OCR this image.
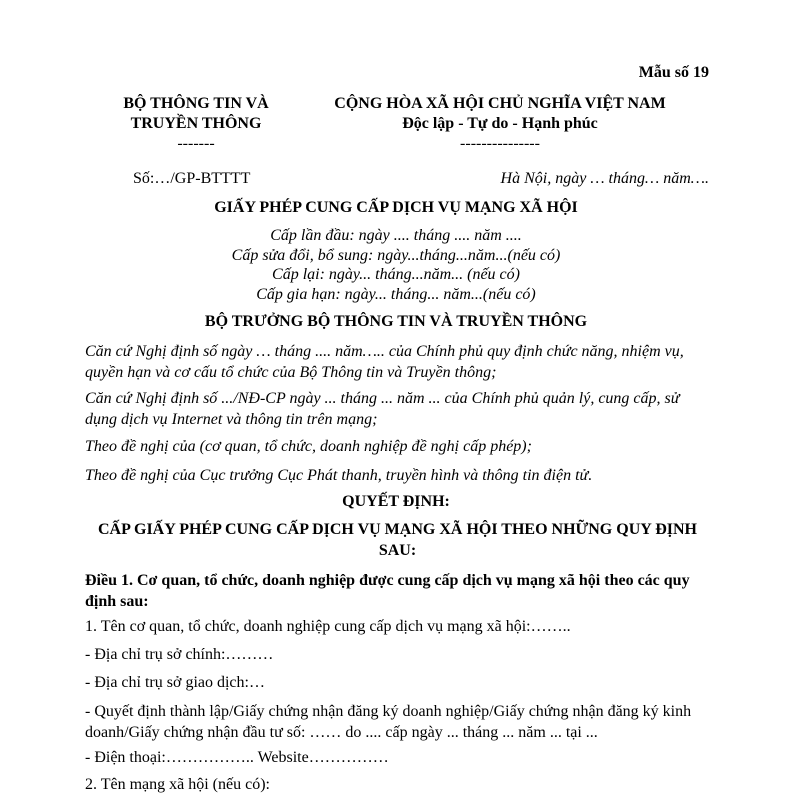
Mẫu số 19
BỘ THÔNG TIN VÀ
TRUYỀN THÔNG
-------
CỘNG HÒA XÃ HỘI CHỦ NGHĨA VIỆT NAM
Độc lập - Tự do - Hạnh phúc
---------------
Số:…/GP-BTTTT	Hà Nội, ngày … tháng… năm….
GIẤY PHÉP CUNG CẤP DỊCH VỤ MẠNG XÃ HỘI
Cấp lần đầu: ngày .... tháng .... năm ....
Cấp sửa đổi, bổ sung: ngày...tháng...năm...(nếu có)
Cấp lại: ngày... tháng...năm... (nếu có)
Cấp gia hạn: ngày... tháng... năm...(nếu có)
BỘ TRƯỞNG BỘ THÔNG TIN VÀ TRUYỀN THÔNG
Căn cứ Nghị định số ngày … tháng .... năm….. của Chính phủ quy định chức năng, nhiệm vụ, quyền hạn và cơ cấu tổ chức của Bộ Thông tin và Truyền thông;
Căn cứ Nghị định số .../NĐ-CP ngày ... tháng ... năm ... của Chính phủ quản lý, cung cấp, sử dụng dịch vụ Internet và thông tin trên mạng;
Theo đề nghị của (cơ quan, tổ chức, doanh nghiệp đề nghị cấp phép);
Theo đề nghị của Cục trưởng Cục Phát thanh, truyền hình và thông tin điện tử.
QUYẾT ĐỊNH:
CẤP GIẤY PHÉP CUNG CẤP DỊCH VỤ MẠNG XÃ HỘI THEO NHỮNG QUY ĐỊNH SAU:
Điều 1. Cơ quan, tổ chức, doanh nghiệp được cung cấp dịch vụ mạng xã hội theo các quy định sau:
1. Tên cơ quan, tổ chức, doanh nghiệp cung cấp dịch vụ mạng xã hội:……..
- Địa chỉ trụ sở chính:………
- Địa chỉ trụ sở giao dịch:…
- Quyết định thành lập/Giấy chứng nhận đăng ký doanh nghiệp/Giấy chứng nhận đăng ký kinh doanh/Giấy chứng nhận đầu tư số: …… do .... cấp ngày ... tháng ... năm ... tại ...
- Điện thoại:…………….. Website……………
2. Tên mạng xã hội (nếu có):
